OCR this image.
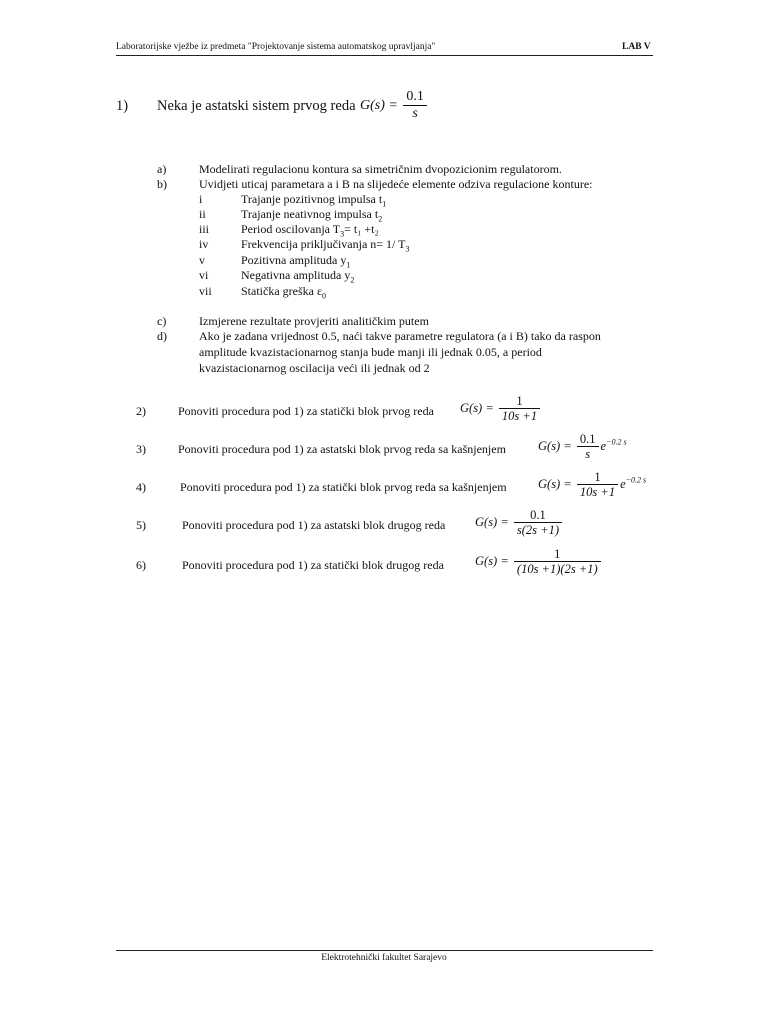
Laboratorijske vježbe iz predmeta "Projektovanje sistema automatskog upravljanja"	LAB V
1) Neka je astatski sistem prvog reda $G(s) = \frac{0.1}{s}$
a)	Modelirati regulacionu kontura sa simetričnim dvopozicionim regulatorom.
b)	Uvidjeti uticaj parametara a i B na slijedeće elemente odziva regulacione konture:
i	Trajanje pozitivnog impulsa $t_1$
ii	Trajanje neativnog impulsa $t_2$
iii	Period oscilovanja $T_3= t_1 +t_2$
iv	Frekvencija priključivanja n= 1/ $T_3$
v	Pozitivna amplituda $y_1$
vi	Negativna amplituda $y_2$
vii Statička greška $\varepsilon_0$
c)	Izmjerene rezultate provjeriti analitičkim putem
d)	Ako je zadana vrijednost 0.5, naći takve parametre regulatora (a i B) tako da raspon
amplitude kvazistacionarnog stanja bude manji ili jednak 0.05, a period
kvazistacionarnog oscilacija veći ili jednak od 2
2)	Ponoviti procedura pod 1) za statički blok prvog reda $G(s) = \frac{1}{10s +1}$
3)	Ponoviti procedura pod 1) za astatski blok prvog reda sa kašnjenjem	$G(s) = \frac{0.1}{s} e^{-0.2 s}$
4)	Ponoviti procedura pod 1) za statički blok prvog reda sa kašnjenjem	$G(s) = \frac{1}{10s +1} e^{-0.2 s}$
5)	Ponoviti procedura pod 1) za astatski blok drugog reda $G(s) = \frac{0.1}{s(2s +1)}$
6)	Ponoviti procedura pod 1) za statički blok drugog reda $G(s) = \frac{1}{(10s +1)(2s +1)}$
Elektrotehnički fakultet Sarajevo
